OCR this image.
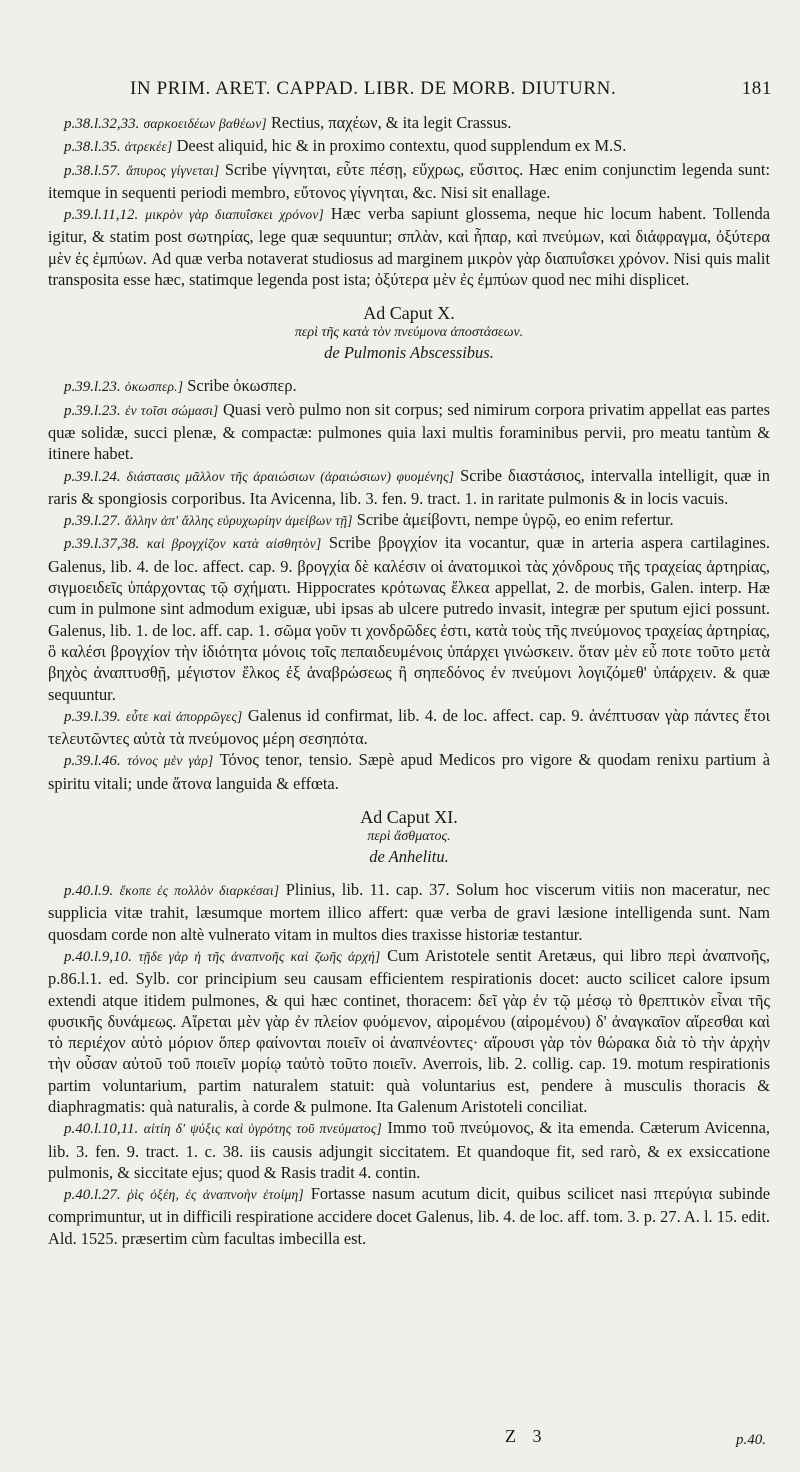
IN PRIM. ARET. CAPPAD. LIBR. DE MORB. DIUTURN.	181

p.38.l.32,33. σαρκοειδέων βαθέων] Rectius, παχέων, & ita legit Crassus.

p.38.l.35. ἀτρεκέε] Deest aliquid, hic & in proximo contextu, quod supplendum ex M.S.

p.38.l.57. ἄπυρος γίγνεται] Scribe γίγνηται, εὖτε πέσῃ, εὔχρως, εὔσιτος. Hæc enim conjunctim legenda sunt: itemque in sequenti periodi membro, εὔτονος γίγνηται, &c. Nisi sit enallage.

p.39.l.11,12. μικρὸν γὰρ διαπυΐσκει χρόνον] Hæc verba sapiunt glossema, neque hic locum habent. Tollenda igitur, & statim post σωτηρίας, lege quæ sequuntur; σπλὰν, καὶ ἧπαρ, καὶ πνεύμων, καὶ διάφραγμα, ὀξύτερα μὲν ἐς ἐμπύων. Ad quæ verba notaverat studiosus ad marginem μικρὸν γὰρ διαπυΐσκει χρόνον. Nisi quis malit transposita esse hæc, statimque legenda post ista; ὀξύτερα μὲν ἐς ἐμπύων quod nec mihi displicet.

Ad Caput X.

περὶ τῆς κατὰ τὸν πνεύμονα ἀποστάσεων.

de Pulmonis Abscessibus.

p.39.l.23. ὁκωσπερ.] Scribe ὁκωσπερ.

p.39.l.23. ἐν τοῖσι σώμασι] Quasi verò pulmo non sit corpus; sed nimirum corpora privatim appellat eas partes quæ solidæ, succi plenæ, & compactæ: pulmones quia laxi multis foraminibus pervii, pro meatu tantùm & itinere habet.

p.39.l.24. διάστασις μᾶλλον τῆς ἀραιώσιων (ἀραιώσιων) φυομένης] Scribe διαστάσιος, intervalla intelligit, quæ in raris & spongiosis corporibus. Ita Avicenna, lib. 3. fen. 9. tract. 1. in raritate pulmonis & in locis vacuis.

p.39.l.27. ἄλλην ἀπ' ἄλλης εὐρυχωρίην ἀμείβων τῇ] Scribe ἀμείβοντι, nempe ὑγρῷ, eo enim refertur.

p.39.l.37,38. καὶ βρογχίζον κατὰ αἰσθητὸν] Scribe βρογχίον ita vocantur, quæ in arteria aspera cartilagines. Galenus, lib. 4. de loc. affect. cap. 9. βρογχία δὲ καλέσιν οἱ ἀνατομικοὶ τὰς χόνδρους τῆς τραχείας ἀρτηρίας, σιγμοειδεῖς ὑπάρχοντας τῷ σχήματι. Hippocrates κρότωνας ἕλκεα appellat, 2. de morbis, Galen. interp. Hæ cum in pulmone sint admodum exiguæ, ubi ipsas ab ulcere putredo invasit, integræ per sputum ejici possunt. Galenus, lib. 1. de loc. aff. cap. 1. σῶμα γοῦν τι χονδρῶδες ἐστι, κατὰ τοὺς τῆς πνεύμονος τραχείας ἀρτηρίας, ὃ καλέσι βρογχίον τὴν ἰδιότητα μόνοις τοῖς πεπαιδευμένοις ὑπάρχει γινώσκειν. ὅταν μὲν εὖ ποτε τοῦτο μετὰ βηχὸς ἀναπτυσθῇ, μέγιστον ἕλκος ἐξ ἀναβρώσεως ἢ σηπεδόνος ἐν πνεύμονι λογιζόμεθ' ὑπάρχειν. & quæ sequuntur.

p.39.l.39. εὖτε καὶ ἀπορρῶγες] Galenus id confirmat, lib. 4. de loc. affect. cap. 9. ἀνέπτυσαν γὰρ πάντες ἔτοι τελευτῶντες αὐτὰ τὰ πνεύμονος μέρη σεσηπότα.

p.39.l.46. τόνος μὲν γὰρ] Τόνος tenor, tensio. Sæpè apud Medicos pro vigore & quodam renixu partium à spiritu vitali; unde ἄτονα languida & effœta.

Ad Caput XI.

περὶ ἄσθματος.

de Anhelitu.

p.40.l.9. ἔκοπε ἐς πολλὸν διαρκέσαι] Plinius, lib. 11. cap. 37. Solum hoc viscerum vitiis non maceratur, nec supplicia vitæ trahit, læsumque mortem illico affert: quæ verba de gravi læsione intelligenda sunt. Nam quosdam corde non altè vulnerato vitam in multos dies traxisse historiæ testantur.

p.40.l.9,10. τῇδε γὰρ ἡ τῆς ἀναπνοῆς καὶ ζωῆς ἀρχή] Cum Aristotele sentit Aretæus, qui libro περὶ ἀναπνοῆς, p.86.l.1. ed. Sylb. cor principium seu causam efficientem respirationis docet: aucto scilicet calore ipsum extendi atque itidem pulmones, & qui hæc continet, thoracem: δεῖ γὰρ ἐν τῷ μέσῳ τὸ θρεπτικὸν εἶναι τῆς φυσικῆς δυνάμεως. Αἴρεται μὲν γὰρ ἐν πλείον φυόμενον, αἰρομένου (αἰρομένου) δ' ἀναγκαῖον αἴρεσθαι καὶ τὸ περιέχον αὐτὸ μόριον ὅπερ φαίνονται ποιεῖν οἱ ἀναπνέοντες· αἴρουσι γὰρ τὸν θώρακα διὰ τὸ τὴν ἀρχὴν τὴν οὖσαν αὐτοῦ τοῦ ποιεῖν μορίῳ ταὐτὸ τοῦτο ποιεῖν. Averrois, lib. 2. collig. cap. 19. motum respirationis partim voluntarium, partim naturalem statuit: quà voluntarius est, pendere à musculis thoracis & diaphragmatis: quà naturalis, à corde & pulmone. Ita Galenum Aristoteli conciliat.

p.40.l.10,11. αἰτίη δ' ψύξις καὶ ὑγρότης τοῦ πνεύματος] Immo τοῦ πνεύμονος, & ita emenda. Cæterum Avicenna, lib. 3. fen. 9. tract. 1. c. 38. iis causis adjungit siccitatem. Et quandoque fit, sed rarò, & ex exsiccatione pulmonis, & siccitate ejus; quod & Rasis tradit 4. contin.

p.40.l.27. ῥὶς ὀξέη, ἐς ἀναπνοὴν ἑτοίμη] Fortasse nasum acutum dicit, quibus scilicet nasi πτερύγια subinde comprimuntur, ut in difficili respiratione accidere docet Galenus, lib. 4. de loc. aff. tom. 3. p. 27. A. l. 15. edit. Ald. 1525. præsertim cùm facultas imbecilla est.

Z 3	p.40.
